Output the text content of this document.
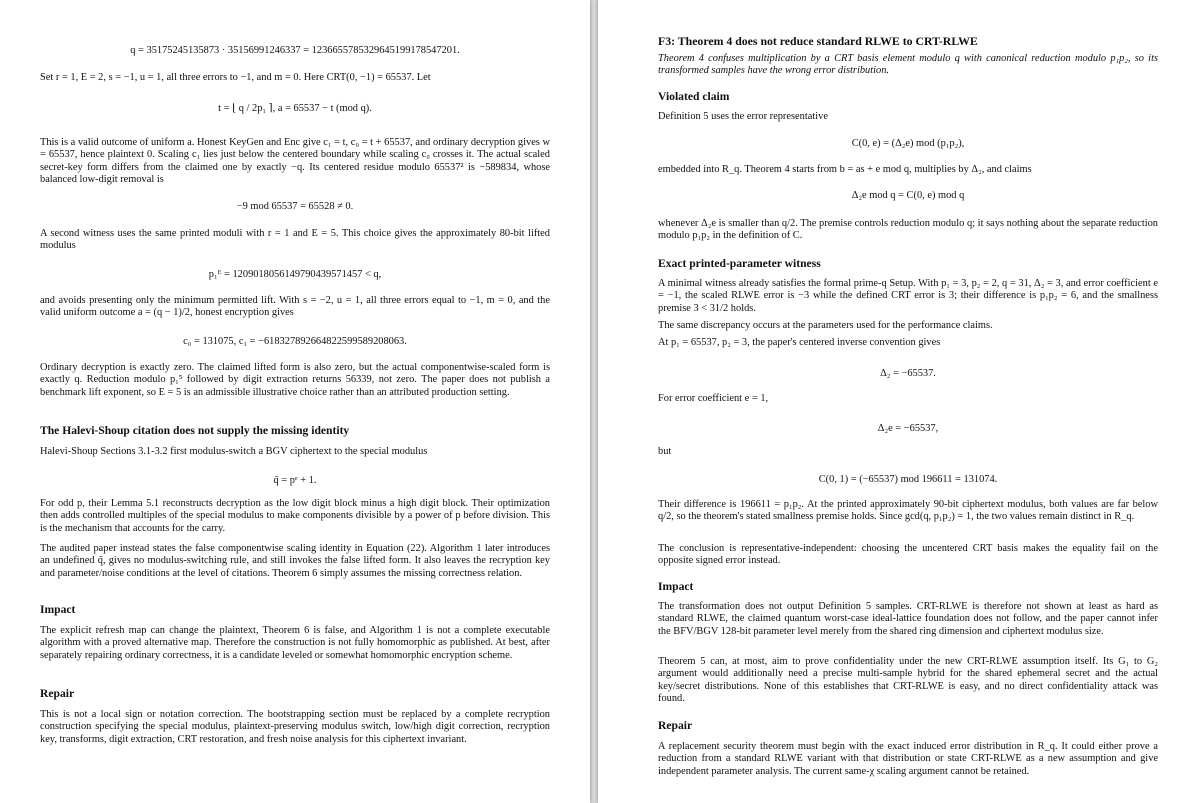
q = 35175245135873 · 35156991246337 = 1236655785329645199178547201.

Set r = 1, E = 2, s = −1, u = 1, all three errors to −1, and m = 0. Here CRT(0, −1) = 65537. Let

t = ⌊ q / 2p₁ ⌉, a = 65537 − t (mod q).

This is a valid outcome of uniform a. Honest KeyGen and Enc give c₁ = t, c₀ = t + 65537, and ordinary decryption gives w = 65537, hence plaintext 0. Scaling c₁ lies just below the centered boundary while scaling c₀ crosses it. The actual scaled secret-key form differs from the claimed one by exactly −q. Its centered residue modulo 65537² is −589834, whose balanced low-digit removal is

−9 mod 65537 = 65528 ≠ 0.

A second witness uses the same printed moduli with r = 1 and E = 5. This choice gives the approximately 80-bit lifted modulus

p₁ᴱ = 1209018056149790439571457 < q,

and avoids presenting only the minimum permitted lift. With s = −2, u = 1, all three errors equal to −1, m = 0, and the valid uniform outcome a = (q − 1)/2, honest encryption gives

c₀ = 131075, c₁ = −618327892664822599589208063.

Ordinary decryption is exactly zero. The claimed lifted form is also zero, but the actual componentwise-scaled form is exactly q. Reduction modulo p₁⁵ followed by digit extraction returns 56339, not zero. The paper does not publish a benchmark lift exponent, so E = 5 is an admissible illustrative choice rather than an attributed production setting.

The Halevi-Shoup citation does not supply the missing identity

Halevi-Shoup Sections 3.1-3.2 first modulus-switch a BGV ciphertext to the special modulus

q̃ = pᵉ + 1.

For odd p, their Lemma 5.1 reconstructs decryption as the low digit block minus a high digit block. Their optimization then adds controlled multiples of the special modulus to make components divisible by a power of p before division. This is the mechanism that accounts for the carry.

The audited paper instead states the false componentwise scaling identity in Equation (22). Algorithm 1 later introduces an undefined q̃, gives no modulus-switching rule, and still invokes the false lifted form. It also leaves the recryption key and parameter/noise conditions at the level of citations. Theorem 6 simply assumes the missing correctness relation.

Impact

The explicit refresh map can change the plaintext, Theorem 6 is false, and Algorithm 1 is not a complete executable algorithm with a proved alternative map. Therefore the construction is not fully homomorphic as published. At best, after separately repairing ordinary correctness, it is a candidate leveled or somewhat homomorphic encryption scheme.

Repair

This is not a local sign or notation correction. The bootstrapping section must be replaced by a complete recryption construction specifying the special modulus, plaintext-preserving modulus switch, low/high digit correction, recryption key, transforms, digit extraction, CRT restoration, and fresh noise analysis for this ciphertext invariant.

F3: Theorem 4 does not reduce standard RLWE to CRT-RLWE

Theorem 4 confuses multiplication by a CRT basis element modulo q with canonical reduction modulo p₁p₂, so its transformed samples have the wrong error distribution.

Violated claim

Definition 5 uses the error representative

C(0, e) = (Δ₂e) mod (p₁p₂),

embedded into R_q. Theorem 4 starts from b = as + e mod q, multiplies by Δ₂, and claims

Δ₂e mod q = C(0, e) mod q

whenever Δ₂e is smaller than q/2. The premise controls reduction modulo q; it says nothing about the separate reduction modulo p₁p₂ in the definition of C.

Exact printed-parameter witness

A minimal witness already satisfies the formal prime-q Setup. With p₁ = 3, p₂ = 2, q = 31, Δ₂ = 3, and error coefficient e = −1, the scaled RLWE error is −3 while the defined CRT error is 3; their difference is p₁p₂ = 6, and the smallness premise 3 < 31/2 holds.

The same discrepancy occurs at the parameters used for the performance claims.

At p₁ = 65537, p₂ = 3, the paper's centered inverse convention gives

Δ₂ = −65537.

For error coefficient e = 1,

Δ₂e = −65537,

but

C(0, 1) = (−65537) mod 196611 = 131074.

Their difference is 196611 = p₁p₂. At the printed approximately 90-bit ciphertext modulus, both values are far below q/2, so the theorem's stated smallness premise holds. Since gcd(q, p₁p₂) = 1, the two values remain distinct in R_q.

The conclusion is representative-independent: choosing the uncentered CRT basis makes the equality fail on the opposite signed error instead.

Impact

The transformation does not output Definition 5 samples. CRT-RLWE is therefore not shown at least as hard as standard RLWE, the claimed quantum worst-case ideal-lattice foundation does not follow, and the paper cannot infer the BFV/BGV 128-bit parameter level merely from the shared ring dimension and ciphertext modulus size.

Theorem 5 can, at most, aim to prove confidentiality under the new CRT-RLWE assumption itself. Its G₁ to G₂ argument would additionally need a precise multi-sample hybrid for the shared ephemeral secret and the actual key/secret distributions. None of this establishes that CRT-RLWE is easy, and no direct confidentiality attack was found.

Repair

A replacement security theorem must begin with the exact induced error distribution in R_q. It could either prove a reduction from a standard RLWE variant with that distribution or state CRT-RLWE as a new assumption and give independent parameter analysis. The current same-χ scaling argument cannot be retained.
